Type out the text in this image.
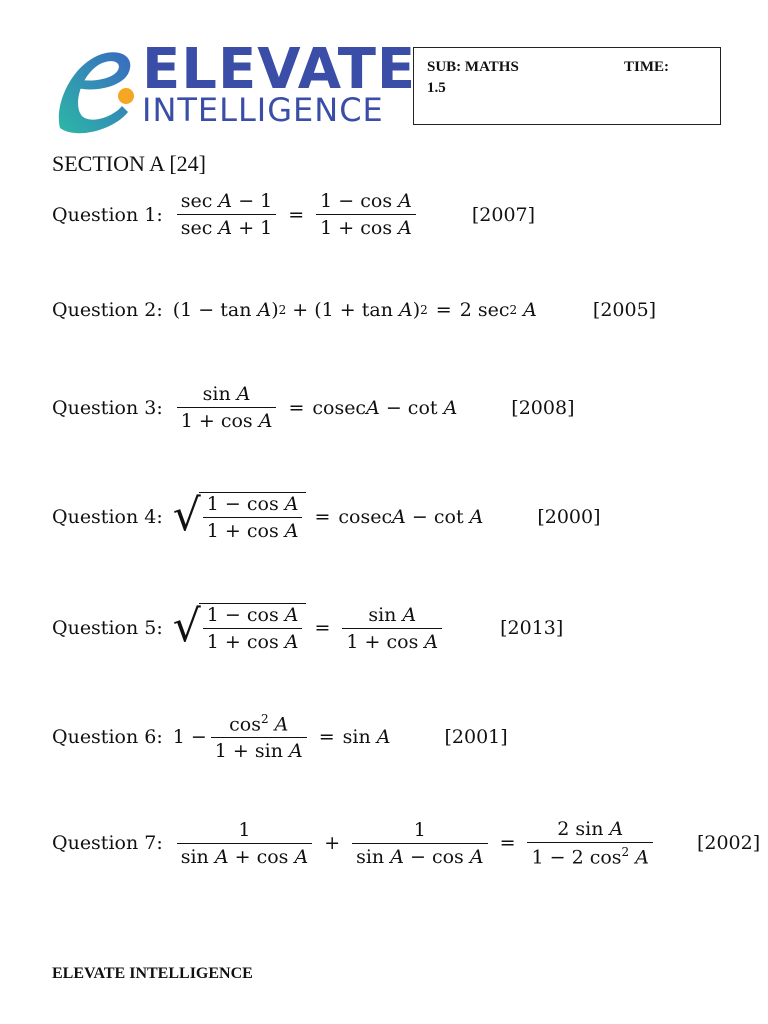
ELEVATE
INTELLIGENCE
SUB: MATHS	TIME:
1.5
SECTION A [24]
Question 1: $\frac{\text{sec A − 1}}{\text{sec A + 1}} = \frac{\text{1 − cos A}}{\text{1 + cos A}}$	[2007]
Question 2: (1 − tan A ) 2 + (1 + tan A ) 2 = 2 sec 2
A	[2005]
Question 3: $\frac{\text{sin A}}{\text{1 + cos A}} = cosec$ A − cot A	[2008]
Question 4: √ $\frac{\text{1 − cos A}}{\text{1 + cos A}} = cosec$ A − cot A	[2000]
Question 5: √ $\frac{\text{1 − cos A}}{\text{1 + cos A}} = \frac{\text{sin A}}{\text{1 + cos A}}$	[2013]
Question 6: $1 - \frac{\cos^2 A}{\text{1 + sin A}} = \sin A$	[2001]
Question 7: $\frac{1}{\text{sin A + cos A}} + \frac{1}{\text{sin A − cos A}} = \frac{\text{2 sin A}}{1 - 2 \cos^2 A} [2002]$
ELEVATE INTELLIGENCE
